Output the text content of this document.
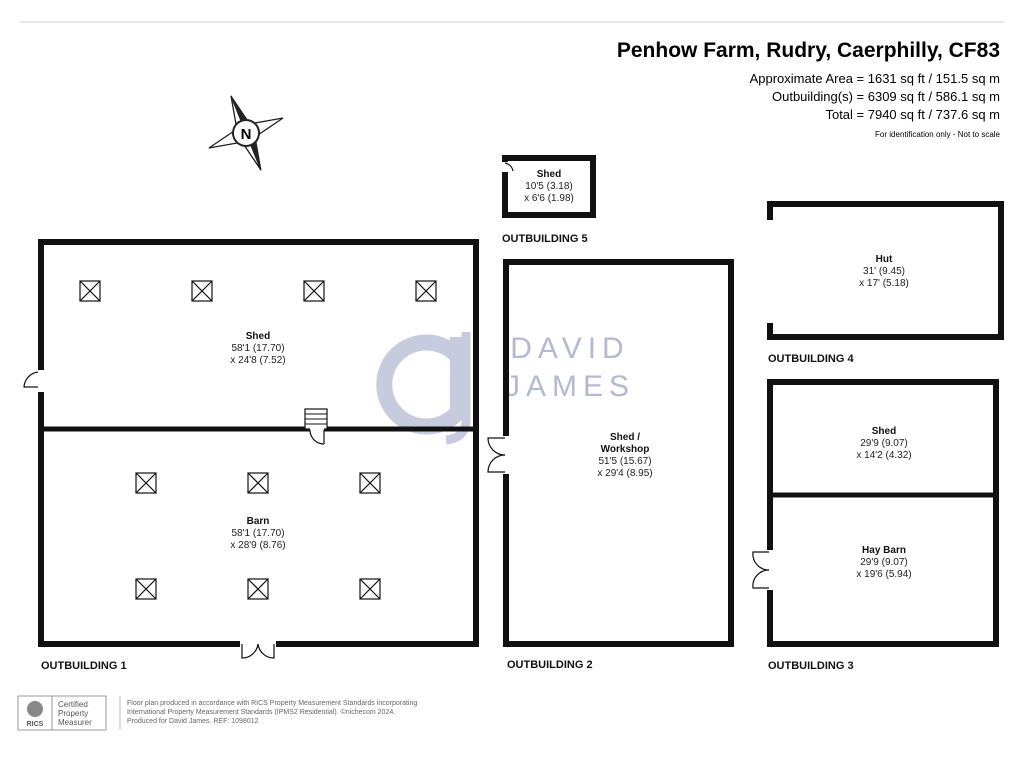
Penhow Farm, Rudry, Caerphilly, CF83
Approximate Area = 1631 sq ft / 151.5 sq m
Outbuilding(s) = 6309 sq ft / 586.1 sq m
Total = 7940 sq ft / 737.6 sq m
For identification only - Not to scale
N
DAVID
JAMES
Shed
58'1 (17.70)
x 24'8 (7.52)
Barn
58'1 (17.70)
x 28'9 (8.76)
OUTBUILDING 1
Shed
10'5 (3.18)
x 6'6 (1.98)
OUTBUILDING 5
Shed /
Workshop
51'5 (15.67)
x 29'4 (8.95)
OUTBUILDING 2
Hut
31' (9.45)
x 17' (5.18)
OUTBUILDING 4
Shed
29'9 (9.07)
x 14'2 (4.32)
Hay Barn
29'9 (9.07)
x 19'6 (5.94)
OUTBUILDING 3
RICS
Certified
Property
Measurer
Floor plan produced in accordance with RICS Property Measurement Standards incorporating
International Property Measurement Standards (IPMS2 Residential). ©nichecom 2024.
Produced for David James. REF: 1098012
